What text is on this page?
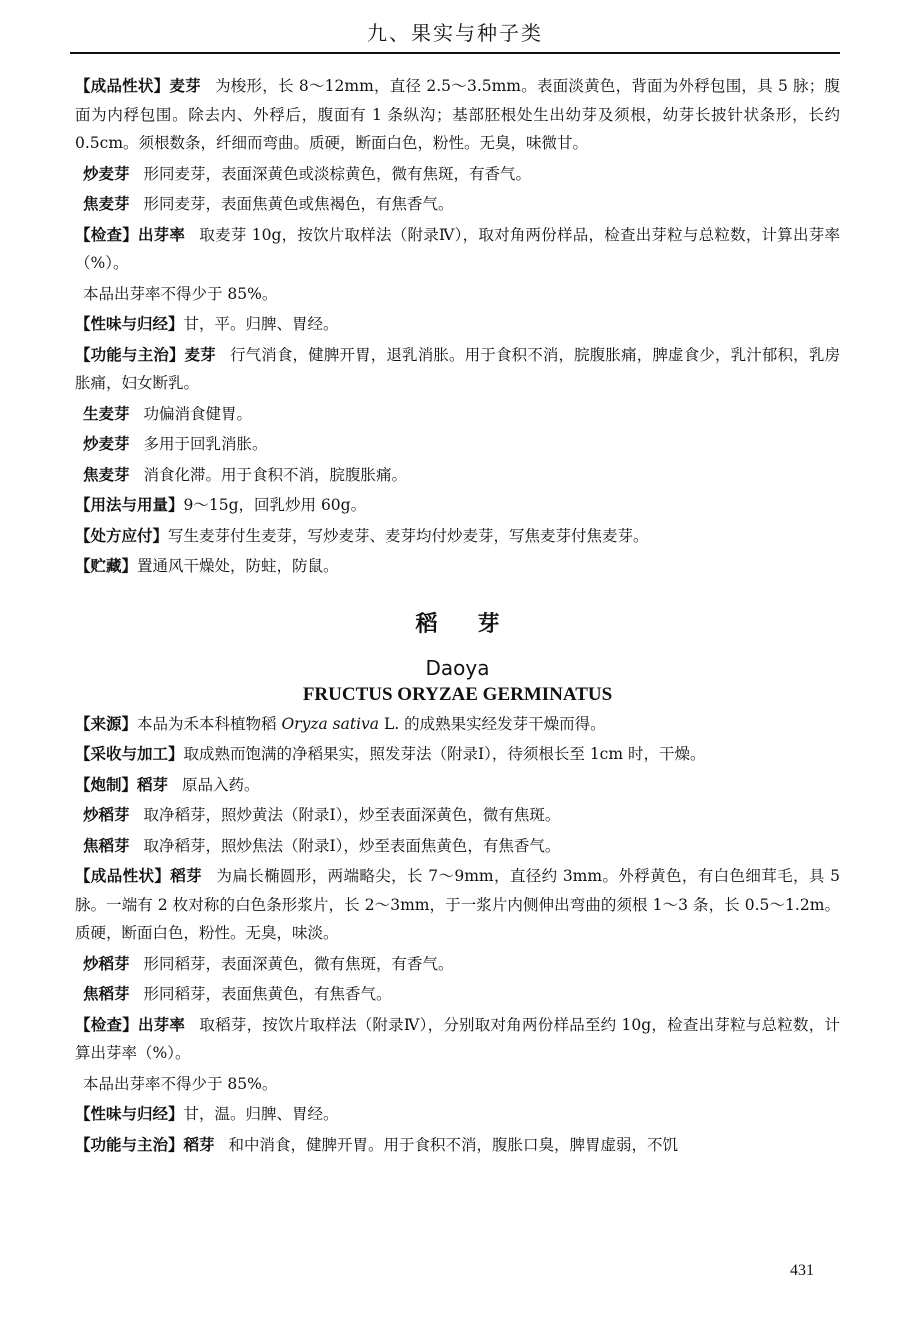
九、果实与种子类

【成品性状】麦芽 为梭形，长 8～12mm，直径 2.5～3.5mm。表面淡黄色，背面为外稃包围，具 5 脉；腹面为内稃包围。除去内、外稃后，腹面有 1 条纵沟；基部胚根处生出幼芽及须根，幼芽长披针状条形，长约 0.5cm。须根数条，纤细而弯曲。质硬，断面白色，粉性。无臭，味微甘。

炒麦芽 形同麦芽，表面深黄色或淡棕黄色，微有焦斑，有香气。

焦麦芽 形同麦芽，表面焦黄色或焦褐色，有焦香气。

【检查】出芽率 取麦芽 10g，按饮片取样法（附录Ⅳ），取对角两份样品，检查出芽粒与总粒数，计算出芽率（%）。

本品出芽率不得少于 85%。

【性味与归经】甘，平。归脾、胃经。

【功能与主治】麦芽 行气消食，健脾开胃，退乳消胀。用于食积不消，脘腹胀痛，脾虚食少，乳汁郁积，乳房胀痛，妇女断乳。

生麦芽 功偏消食健胃。

炒麦芽 多用于回乳消胀。

焦麦芽 消食化滞。用于食积不消，脘腹胀痛。

【用法与用量】9～15g，回乳炒用 60g。

【处方应付】写生麦芽付生麦芽，写炒麦芽、麦芽均付炒麦芽，写焦麦芽付焦麦芽。

【贮藏】置通风干燥处，防蛀，防鼠。

稻芽
Daoya
FRUCTUS ORYZAE GERMINATUS

【来源】本品为禾本科植物稻 Oryza sativa L. 的成熟果实经发芽干燥而得。

【采收与加工】取成熟而饱满的净稻果实，照发芽法（附录Ⅰ），待须根长至 1cm 时，干燥。

【炮制】稻芽 原品入药。

炒稻芽 取净稻芽，照炒黄法（附录Ⅰ），炒至表面深黄色，微有焦斑。

焦稻芽 取净稻芽，照炒焦法（附录Ⅰ），炒至表面焦黄色，有焦香气。

【成品性状】稻芽 为扁长椭圆形，两端略尖，长 7～9mm，直径约 3mm。外稃黄色，有白色细茸毛，具 5 脉。一端有 2 枚对称的白色条形浆片，长 2～3mm，于一浆片内侧伸出弯曲的须根 1～3 条，长 0.5～1.2m。质硬，断面白色，粉性。无臭，味淡。

炒稻芽 形同稻芽，表面深黄色，微有焦斑，有香气。

焦稻芽 形同稻芽，表面焦黄色，有焦香气。

【检查】出芽率 取稻芽，按饮片取样法（附录Ⅳ），分别取对角两份样品至约 10g，检查出芽粒与总粒数，计算出芽率（%）。

本品出芽率不得少于 85%。

【性味与归经】甘，温。归脾、胃经。

【功能与主治】稻芽 和中消食，健脾开胃。用于食积不消，腹胀口臭，脾胃虚弱，不饥

431
